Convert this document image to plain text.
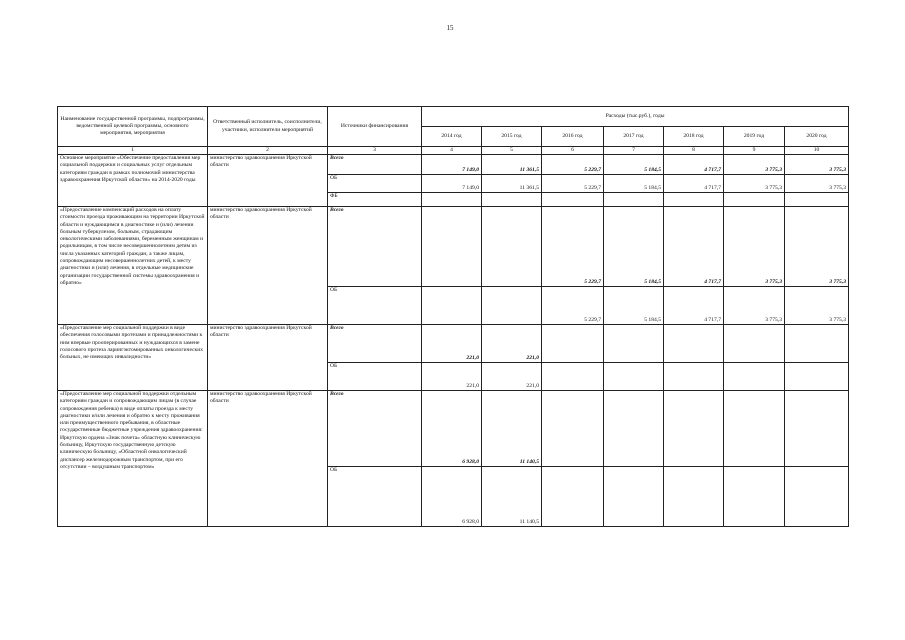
15
Наименование государственной программы, подпрограммы, ведомственной целевой программы, основного мероприятия, мероприятия	Ответственный исполнитель, соисполнители, участники, исполнители мероприятий	Источники финансирования	Расходы (тыс.руб.), годы						
			2014 год	2015 год	2016 год	2017 год	2018 год	2019 год	2020 год
1	2	3	4	5	6	7	8	9	10
Основное мероприятие «Обеспечение предоставления мер социальной поддержки и социальных услуг отдельным категориям граждан в рамках полномочий министерства здравоохранения Иркутской области» на 2014-2020 годы	министерство здравоохранения Иркутской области	Всего	7 149,0	11 361,5	5 229,7	5 184,5	4 717,7	3 775,3	3 775,3
		ОБ	7 149,0	11 361,5	5 229,7	5 184,5	4 717,7	3 775,3	3 775,3
		ФБ							
«Предоставление компенсаций расходов на оплату стоимости проезда проживающим на территории Иркутской области и нуждающимся в диагностике и (или) лечении больным туберкулезом, больным, страдающим онкологическими заболеваниями, беременным женщинам и родильницам, в том числе несовершеннолетним детям из числа указанных категорий граждан, а также лицам, сопровождающим несовершеннолетних детей, к месту диагностики и (или) лечения, в отдельные медицинские организации государственной системы здравоохранения и обратно»	министерство здравоохранения Иркутской области	Всего			5 229,7	5 184,5	4 717,7	3 775,3	3 775,3
		ОБ			5 229,7	5 184,5	4 717,7	3 775,3	3 775,3
«Предоставление мер социальной поддержки в виде обеспечения голосовыми протезами и принадлежностями к ним впервые прооперированных и нуждающихся в замене голосового протеза ларингэктомированных онкологических больных, не имеющих инвалидности»	министерство здравоохранения Иркутской области	Всего	221,0	221,0					
		ОБ	221,0	221,0					
«Предоставление мер социальной поддержки отдельным категориям граждан и сопровождающим лицам (в случае сопровождения ребенка) в виде оплаты проезда к месту диагностики и/или лечения и обратно к месту проживания или преимущественного пребывания, в областные государственные бюджетные учреждения здравоохранения: Иркутскую ордена «Знак почета» областную клиническую больницу, Иркутскую государственную детскую клиническую больницу, «Областной онкологический диспансер железнодорожным транспортом, при его отсутствии – воздушным транспортом»	министерство здравоохранения Иркутской области	Всего	6 928,0	11 140,5					
		ОБ	6 928,0	11 140,5					
